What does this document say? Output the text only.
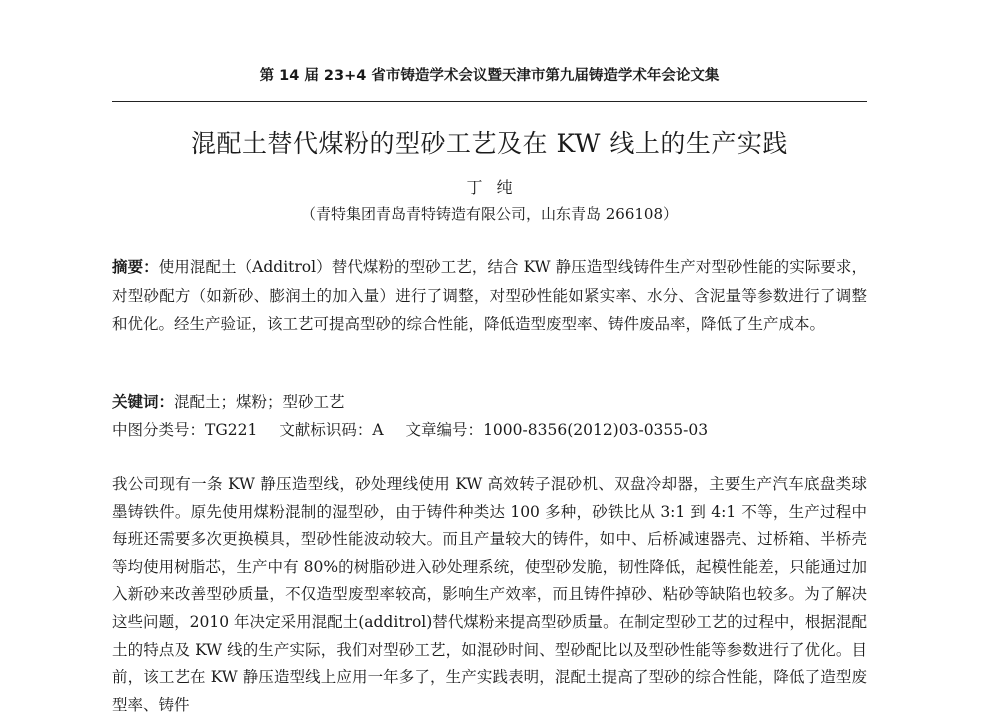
第 14 届 23+4 省市铸造学术会议暨天津市第九届铸造学术年会论文集
混配土替代煤粉的型砂工艺及在 KW 线上的生产实践
丁纯
（青特集团青岛青特铸造有限公司，山东青岛 266108）
摘要：使用混配土（Additrol）替代煤粉的型砂工艺，结合 KW 静压造型线铸件生产对型砂性能的实际要求，对型砂配方（如新砂、膨润土的加入量）进行了调整，对型砂性能如紧实率、水分、含泥量等参数进行了调整和优化。经生产验证，该工艺可提高型砂的综合性能，降低造型废型率、铸件废品率，降低了生产成本。
关键词：混配土；煤粉；型砂工艺
中图分类号：TG221 文献标识码：A 文章编号：1000-8356(2012)03-0355-03
我公司现有一条 KW 静压造型线，砂处理线使用 KW 高效转子混砂机、双盘冷却器，主要生产汽车底盘类球墨铸铁件。原先使用煤粉混制的湿型砂，由于铸件种类达 100 多种，砂铁比从 3:1 到 4:1 不等，生产过程中每班还需要多次更换模具，型砂性能波动较大。而且产量较大的铸件，如中、后桥减速器壳、过桥箱、半桥壳等均使用树脂芯，生产中有 80%的树脂砂进入砂处理系统，使型砂发脆，韧性降低，起模性能差，只能通过加入新砂来改善型砂质量，不仅造型废型率较高，影响生产效率，而且铸件掉砂、粘砂等缺陷也较多。为了解决这些问题，2010 年决定采用混配土(additrol)替代煤粉来提高型砂质量。在制定型砂工艺的过程中，根据混配土的特点及 KW 线的生产实际，我们对型砂工艺，如混砂时间、型砂配比以及型砂性能等参数进行了优化。目前，该工艺在 KW 静压造型线上应用一年多了，生产实践表明，混配土提高了型砂的综合性能，降低了造型废型率、铸件
